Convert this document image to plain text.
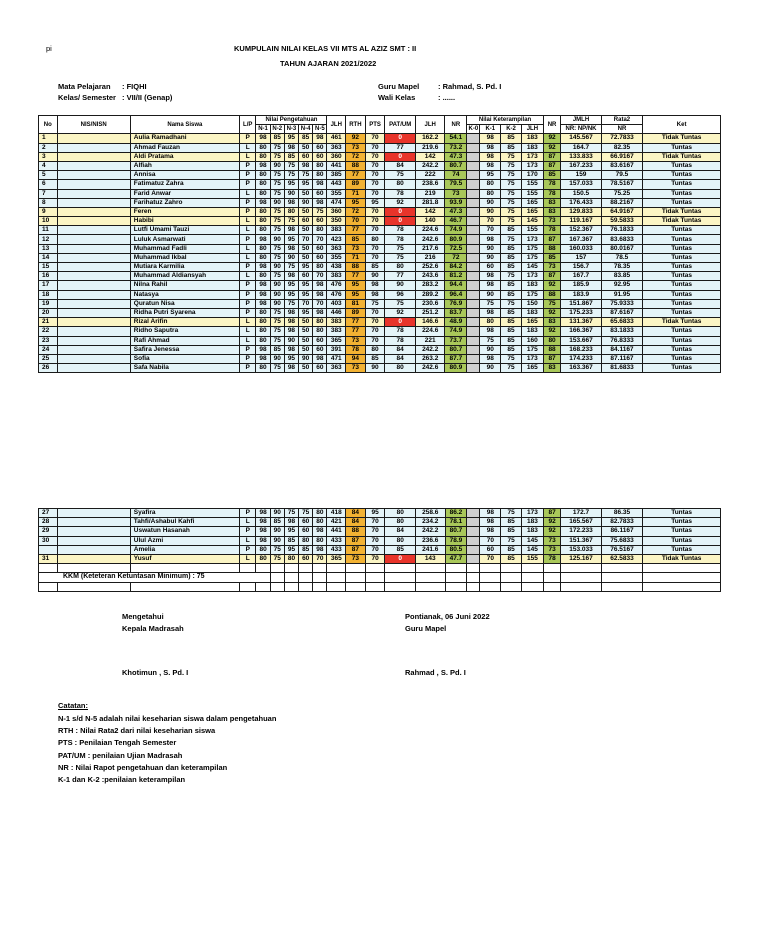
pi	KUMPULAIN NILAI KELAS VII MTS AL AZIZ SMT : II
TAHUN AJARAN 2021/2022
Mata Pelajaran : FIQHI
Kelas/ Semester : VII/II (Genap)
Guru Mapel : Rahmad, S. Pd. I
Wali Kelas	: ......
No	NIS/NISN	Nama Siswa	L/P	Nilai Pengetahuan					JLH	RTH	PTS	PAT/UM	JLH	NR	Nilai Keterampilan				NR	JMLH	Rata2	Ket
				N-1	N-2	N-3	N-4	N-5							K-0	K-1	K-2	JLH		NR: NP/NK	NR	
1		Aulia Ramadhani	P	98	85	95	85	98	461	92	70	0	162.2	54.1		98	85	183	92	145.567	72.7833	Tidak Tuntas
2		Ahmad Fauzan	L	80	75	98	50	60	363	73	70	77	219.6	73.2		98	85	183	92	164.7	82.35	Tuntas
3		Aldi Pratama	L	80	75	85	60	60	360	72	70	0	142	47.3		98	75	173	87	133.833	66.9167	Tidak Tuntas
4		Alfiah	P	98	90	75	98	80	441	88	70	84	242.2	80.7		98	75	173	87	167.233	83.6167	Tuntas
5		Annisa	P	80	75	75	75	80	385	77	70	75	222	74		95	75	170	85	159	79.5	Tuntas
6		Fatimatuz Zahra	P	80	75	95	95	98	443	89	70	80	238.6	79.5		80	75	155	78	157.033	78.5167	Tuntas
7		Farid Anwar	L	80	75	90	50	60	355	71	70	78	219	73		80	75	155	78	150.5	75.25	Tuntas
8		Farihatuz Zahro	P	98	90	98	90	98	474	95	95	92	281.8	93.9		90	75	165	83	176.433	88.2167	Tuntas
9		Feren	P	80	75	80	50	75	360	72	70	0	142	47.3		90	75	165	83	129.833	64.9167	Tidak Tuntas
10		Habibi	L	80	75	75	60	60	350	70	70	0	140	46.7		70	75	145	73	119.167	59.5833	Tidak Tuntas
11		Lutfi Umami Tauzi	L	80	75	98	50	80	383	77	70	78	224.6	74.9		70	85	155	78	152.367	76.1833	Tuntas
12		Luluk Asmarwati	P	98	90	95	70	70	423	85	80	78	242.6	80.9		98	75	173	87	167.367	83.6833	Tuntas
13		Muhammad Fadli	L	80	75	98	50	60	363	73	70	75	217.6	72.5		90	85	175	88	160.033	80.0167	Tuntas
14		Muhammad Ikbal	L	80	75	90	50	60	355	71	70	75	216	72		90	85	175	85	157	78.5	Tuntas
15		Mutiara Karmilia	P	98	90	75	95	80	438	88	85	80	252.6	84.2		60	85	145	73	156.7	78.35	Tuntas
16		Muhammad Aldiansyah	L	80	75	98	60	70	383	77	90	77	243.6	81.2		98	75	173	87	167.7	83.85	Tuntas
17		Nilna Rahil	P	98	90	95	95	98	476	95	98	90	283.2	94.4		98	85	183	92	185.9	92.95	Tuntas
18		Natasya	P	98	90	95	95	98	476	95	98	96	289.2	96.4		90	85	175	88	183.9	91.95	Tuntas
19		Quratun Nisa	P	98	90	75	70	70	403	81	75	75	230.6	76.9		75	75	150	75	151.867	75.9333	Tuntas
20		Ridha Putri Syarena	P	80	75	98	95	98	446	89	70	92	251.2	83.7		98	85	183	92	175.233	87.6167	Tuntas
21		Rizal Arifin	L	80	75	98	50	80	383	77	70	0	146.6	48.9		80	85	165	83	131.367	65.6833	Tidak Tuntas
22		Ridho Saputra	L	80	75	98	50	80	383	77	70	78	224.6	74.9		98	85	183	92	166.367	83.1833	Tuntas
23		Rafi Ahmad	L	80	75	90	50	60	365	73	70	78	221	73.7		75	85	160	80	153.667	76.8333	Tuntas
24		Safira Jenessa	P	98	85	98	50	60	391	78	80	84	242.2	80.7		90	85	175	88	168.233	84.1167	Tuntas
25		Sofia	P	98	90	95	90	98	471	94	85	84	263.2	87.7		98	75	173	87	174.233	87.1167	Tuntas
26		Safa Nabila	P	80	75	98	50	60	363	73	90	80	242.6	80.9		90	75	165	83	163.367	81.6833	Tuntas
27		Syafira	P	98	90	75	75	80	418	84	95	80	258.6	86.2		98	75	173	87	172.7	86.35	Tuntas
28		Tahfi/Ashabul Kahfi	L	98	85	98	60	80	421	84	70	80	234.2	78.1		98	85	183	92	165.567	82.7833	Tuntas
29		Uswatun Hasanah	P	98	90	95	60	98	441	88	70	84	242.2	80.7		98	85	183	92	172.233	86.1167	Tuntas
30		Ulul Azmi	L	98	90	85	80	80	433	87	70	80	236.6	78.9		70	75	145	73	151.367	75.6833	Tuntas
		Amelia	P	80	75	95	85	98	433	87	70	85	241.6	80.5		60	85	145	73	153.033	76.5167	Tuntas
31		Yusuf	L	80	75	80	60	70	365	73	70	0	143	47.7		70	85	155	78	125.167	62.5833	Tidak Tuntas

KKM (Keteteran Ketuntasan Minimum) : 75																						

Mengetahui
Kepala Madrasah
Pontianak, 06 Juni 2022
Guru Mapel
Khotimun , S. Pd. I	Rahmad , S. Pd. I
Catatan:
N-1 s/d N-5 adalah nilai keseharian siswa dalam pengetahuan
RTH : Nilai Rata2 dari nilai keseharian siswa
PTS : Penilaian Tengah Semester
PAT/UM : penilaian Ujian Madrasah
NR : Nilai Rapot pengetahuan dan keterampilan
K-1 dan K-2 :penilaian keterampilan
